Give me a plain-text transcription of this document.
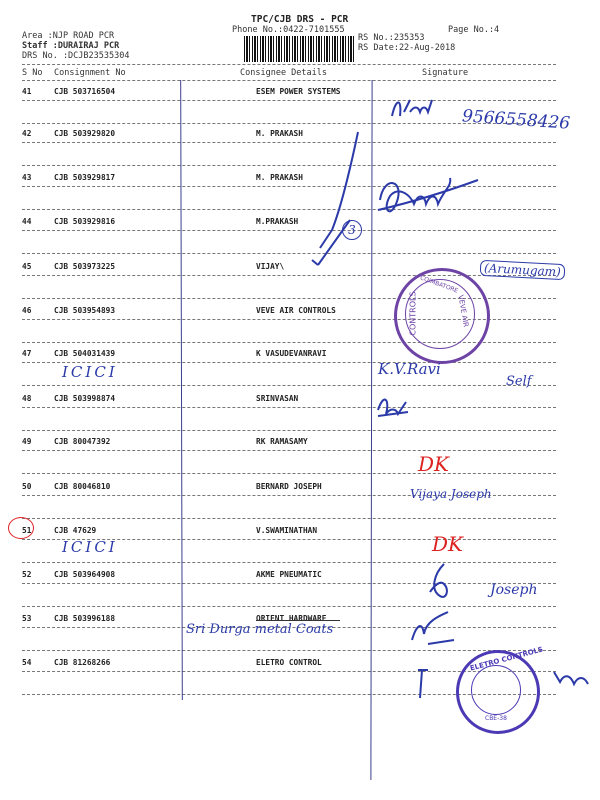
TPC/CJB DRS - PCR
Phone No.:0422-7101555	Page No.:4
Area :NJP ROAD PCR
Staff :DURAIRAJ PCR
DRS No. :DCJB23535304
RS No.:235353
RS Date:22-Aug-2018
S No Consignment No	Consignee Details	Signature
41	CJB 503716504	ESEM POWER SYSTEMS
42	CJB 503929820	M. PRAKASH
43	CJB 503929817	M. PRAKASH
44	CJB 503929816	M.PRAKASH
45	CJB 503973225	VIJAY\
46	CJB 503954893	VEVE AIR CONTROLS
47	CJB 504031439	K VASUDEVANRAVI
48	CJB 503998874	SRINVASAN
49	CJB 80047392	RK RAMASAMY
50	CJB 80046810	BERNARD JOSEPH
51	CJB 47629	V.SWAMINATHAN
52	CJB 503964908	AKME PNEUMATIC
53	CJB 503996188	ORIENT HARDWARE
54	CJB 81268266	ELETRO CONTROL
9566558426
3
(Arumugam)
CONTROLS	VEVE AIR
COIMBATORE
ICICI	K.V.Ravi
Self
DK
Vijaya Joseph
ICICI	DK
Joseph
Sri Durga metal Coats
ELETRO CONTROLS
CBE-38
